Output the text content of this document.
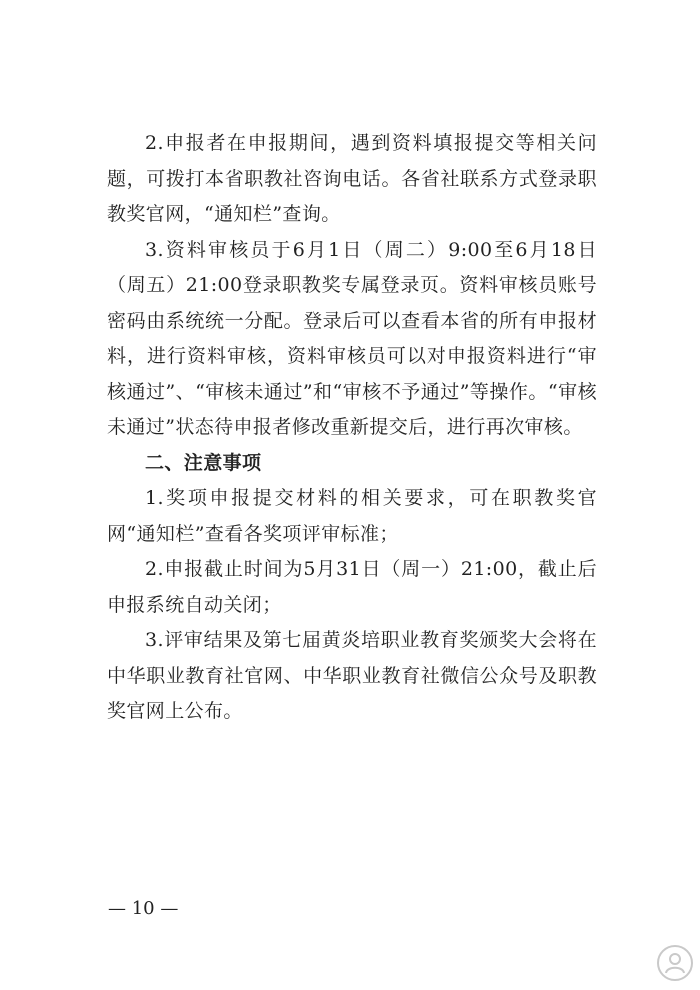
2.申报者在申报期间，遇到资料填报提交等相关问题，可拨打本省职教社咨询电话。各省社联系方式登录职教奖官网，“通知栏”查询。

3.资料审核员于6月1日（周二）9:00至6月18日（周五）21:00登录职教奖专属登录页。资料审核员账号密码由系统统一分配。登录后可以查看本省的所有申报材料，进行资料审核，资料审核员可以对申报资料进行“审核通过”、“审核未通过”和“审核不予通过”等操作。“审核未通过”状态待申报者修改重新提交后，进行再次审核。

二、注意事项

1.奖项申报提交材料的相关要求，可在职教奖官网“通知栏”查看各奖项评审标准；

2.申报截止时间为5月31日（周一）21:00，截止后申报系统自动关闭；

3.评审结果及第七届黄炎培职业教育奖颁奖大会将在中华职业教育社官网、中华职业教育社微信公众号及职教奖官网上公布。

— 10 —
